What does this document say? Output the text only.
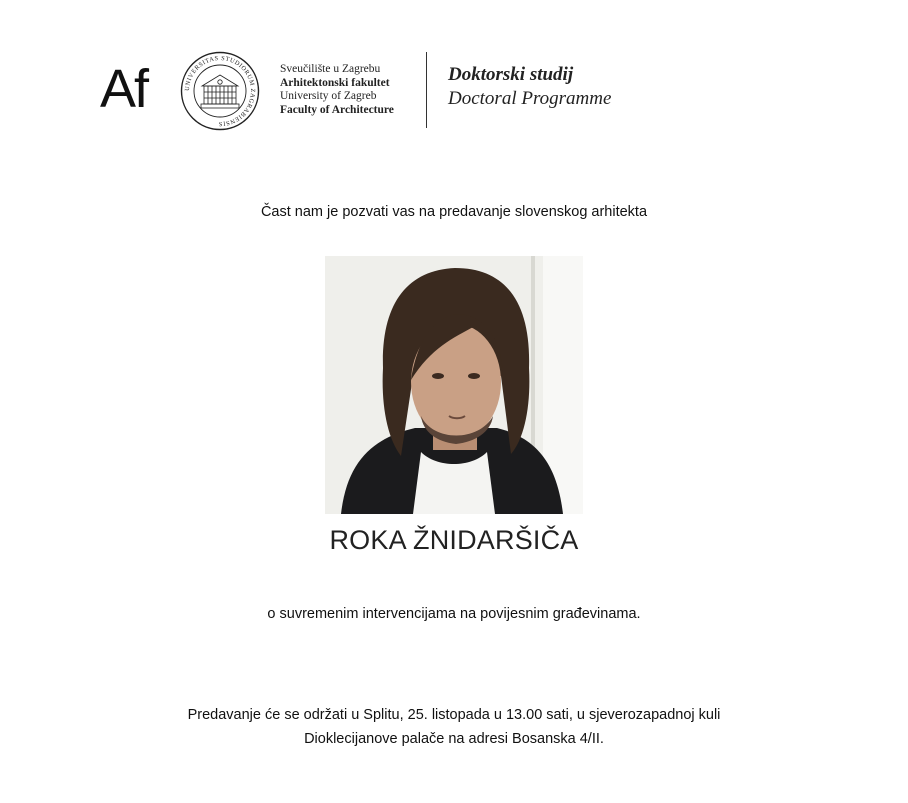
Af	UNIVERSITAS STUDIORUM ZAGRABIENSIS
Sveučilište u Zagrebu
Arhitektonski fakultet
University of Zagreb
Faculty of Architecture
Doktorski studij
Doctoral Programme
Čast nam je pozvati vas na predavanje slovenskog arhitekta
ROKA ŽNIDARŠIČA
o suvremenim intervencijama na povijesnim građevinama.
Predavanje će se održati u Splitu, 25. listopada u 13.00 sati, u sjeverozapadnoj kuli
Dioklecijanove palače na adresi Bosanska 4/II.
